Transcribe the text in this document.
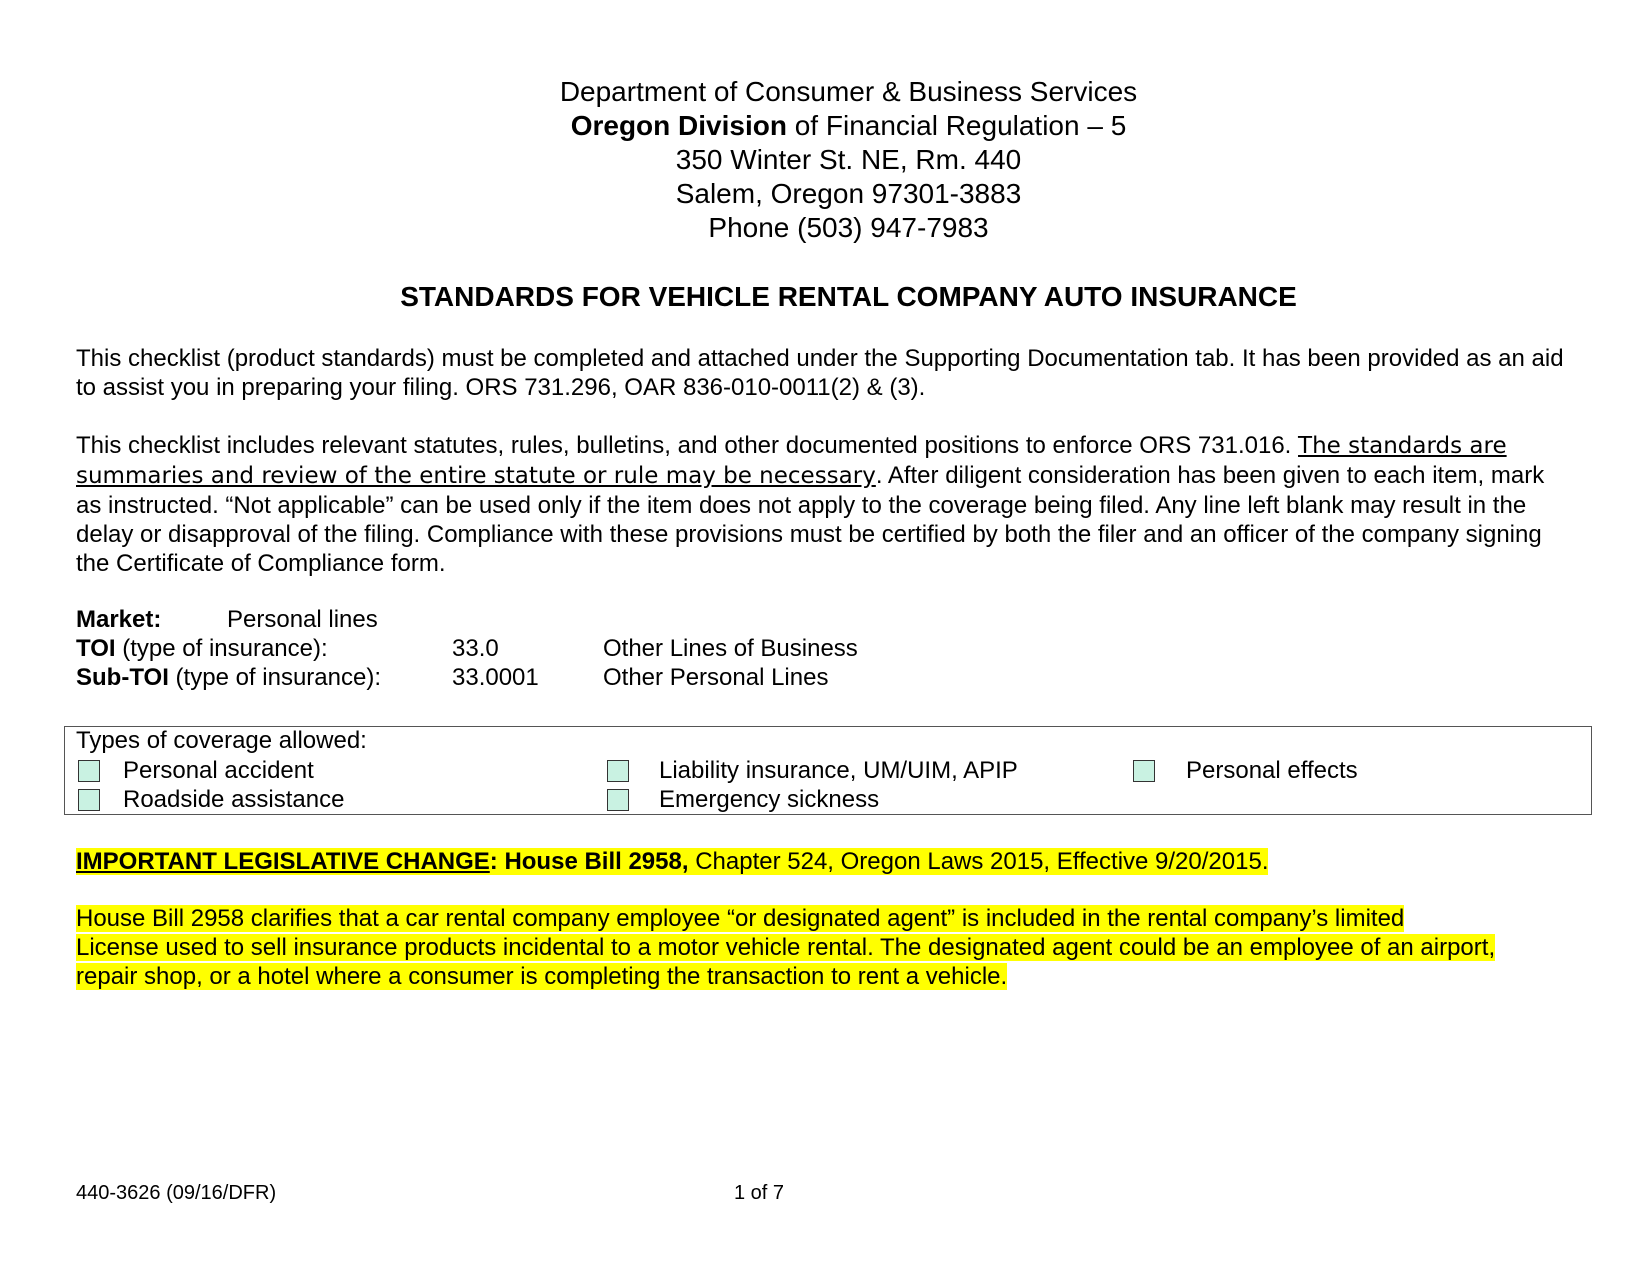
Department of Consumer & Business Services
Oregon Division of Financial Regulation – 5
350 Winter St. NE, Rm. 440
Salem, Oregon 97301-3883
Phone (503) 947-7983
STANDARDS FOR VEHICLE RENTAL COMPANY AUTO INSURANCE
This checklist (product standards) must be completed and attached under the Supporting Documentation tab. It has been provided as an aid to assist you in preparing your filing. ORS 731.296, OAR 836-010-0011(2) & (3).
This checklist includes relevant statutes, rules, bulletins, and other documented positions to enforce ORS 731.016. The standards are summaries and review of the entire statute or rule may be necessary. After diligent consideration has been given to each item, mark as instructed. “Not applicable” can be used only if the item does not apply to the coverage being filed. Any line left blank may result in the delay or disapproval of the filing. Compliance with these provisions must be certified by both the filer and an officer of the company signing the Certificate of Compliance form.
Market:	Personal lines
TOI (type of insurance):	33.0	Other Lines of Business
Sub-TOI (type of insurance):	33.0001	Other Personal Lines
Types of coverage allowed:
Personal accident	Liability insurance, UM/UIM, APIP	Personal effects
Roadside assistance	Emergency sickness
IMPORTANT LEGISLATIVE CHANGE: House Bill 2958, Chapter 524, Oregon Laws 2015, Effective 9/20/2015.
House Bill 2958 clarifies that a car rental company employee “or designated agent” is included in the rental company’s limited
License used to sell insurance products incidental to a motor vehicle rental. The designated agent could be an employee of an airport,
repair shop, or a hotel where a consumer is completing the transaction to rent a vehicle.
440-3626 (09/16/DFR)	1 of 7
